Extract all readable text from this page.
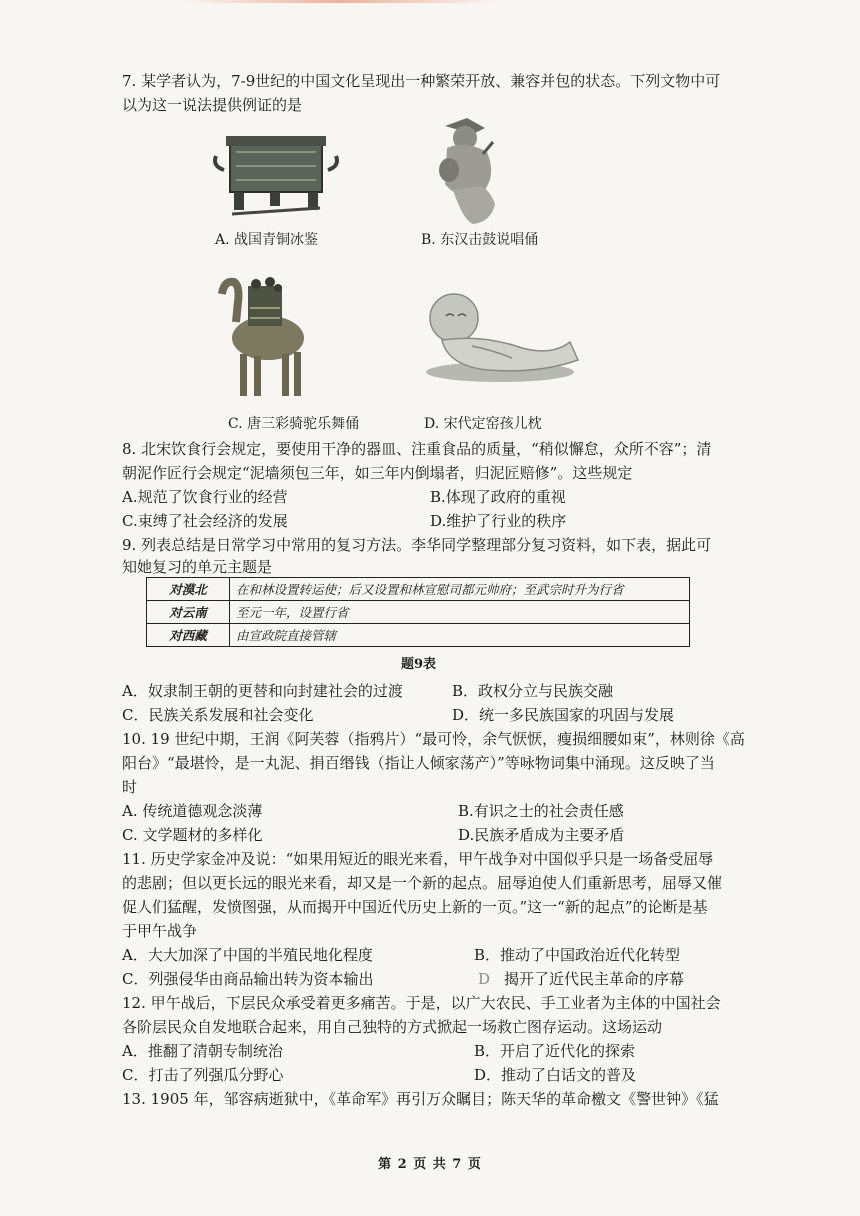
7. 某学者认为，7-9世纪的中国文化呈现出一种繁荣开放、兼容并包的状态。下列文物中可
以为这一说法提供例证的是
A. 战国青铜冰鉴	B. 东汉击鼓说唱俑
C. 唐三彩骑驼乐舞俑	D. 宋代定窑孩儿枕
8. 北宋饮食行会规定，要使用干净的器皿、注重食品的质量，“稍似懈怠，众所不容”；清
朝泥作匠行会规定“泥墙须包三年，如三年内倒塌者，归泥匠赔修”。这些规定
A.规范了饮食行业的经营	B.体现了政府的重视
C.束缚了社会经济的发展	D.维护了行业的秩序
9. 列表总结是日常学习中常用的复习方法。李华同学整理部分复习资料，如下表，据此可
知她复习的单元主题是
对漠北	在和林设置转运使；后又设置和林宣慰司都元帅府；至武宗时升为行省
对云南	至元一年，设置行省
对西藏	由宣政院直接管辖
题9表
A．奴隶制王朝的更替和向封建社会的过渡	B．政权分立与民族交融
C．民族关系发展和社会变化	D．统一多民族国家的巩固与发展
10. 19 世纪中期，王润《阿芙蓉（指鸦片）“最可怜，余气恹恹，瘦损细腰如束”，林则徐《高
阳台》“最堪怜，是一丸泥、捐百缗钱（指让人倾家荡产）”等咏物词集中涌现。这反映了当
时
A. 传统道德观念淡薄	B.有识之士的社会责任感
C. 文学题材的多样化	D.民族矛盾成为主要矛盾
11. 历史学家金冲及说：“如果用短近的眼光来看，甲午战争对中国似乎只是一场备受屈辱
的悲剧；但以更长远的眼光来看，却又是一个新的起点。屈辱迫使人们重新思考，屈辱又催
促人们猛醒，发愤图强，从而揭开中国近代历史上新的一页。”这一“新的起点”的论断是基
于甲午战争
A．大大加深了中国的半殖民地化程度	B．推动了中国政治近代化转型
C．列强侵华由商品输出转为资本输出	D 揭开了近代民主革命的序幕
12. 甲午战后，下层民众承受着更多痛苦。于是，以广大农民、手工业者为主体的中国社会
各阶层民众自发地联合起来，用自己独特的方式掀起一场救亡图存运动。这场运动
A．推翻了清朝专制统治	B．开启了近代化的探索
C．打击了列强瓜分野心	D．推动了白话文的普及
13. 1905 年，邹容病逝狱中，《革命军》再引万众瞩目；陈天华的革命檄文《警世钟》《猛
第 2 页 共 7 页
